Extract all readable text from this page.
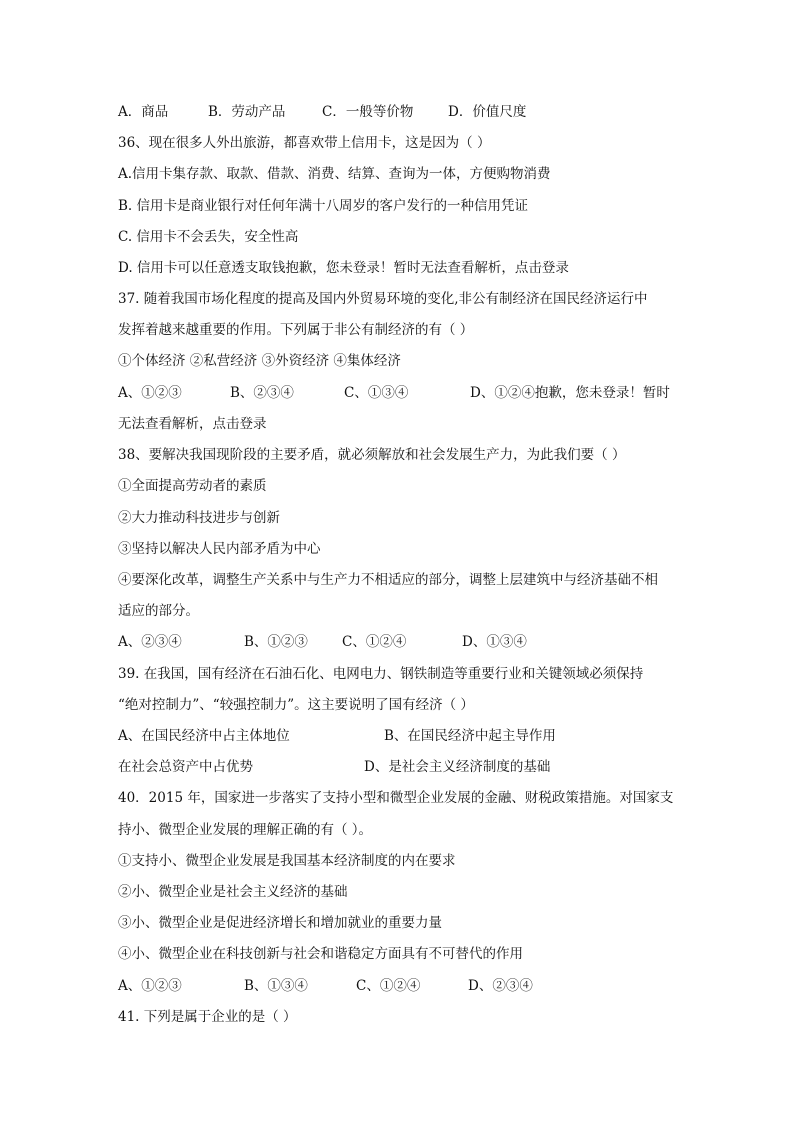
A．商品	B．劳动产品	C．一般等价物	D．价值尺度
36、现在很多人外出旅游，都喜欢带上信用卡，这是因为（ ）
A.信用卡集存款、取款、借款、消费、结算、查询为一体，方便购物消费
B. 信用卡是商业银行对任何年满十八周岁的客户发行的一种信用凭证
C. 信用卡不会丢失，安全性高
D. 信用卡可以任意透支取钱抱歉，您未登录！暂时无法查看解析，点击登录
37. 随着我国市场化程度的提高及国内外贸易环境的变化,非公有制经济在国民经济运行中
发挥着越来越重要的作用。下列属于非公有制经济的有（ ）
①个体经济 ②私营经济 ③外资经济 ④集体经济
A、①②③	B、②③④	C、①③④	D、①②④抱歉，您未登录！暂时
无法查看解析，点击登录
38、要解决我国现阶段的主要矛盾，就必须解放和社会发展生产力，为此我们要（ ）
①全面提高劳动者的素质
②大力推动科技进步与创新
③坚持以解决人民内部矛盾为中心
④要深化改革，调整生产关系中与生产力不相适应的部分，调整上层建筑中与经济基础不相
适应的部分。
A、②③④	B、①②③	C、①②④	D、①③④
39. 在我国，国有经济在石油石化、电网电力、钢铁制造等重要行业和关键领域必须保持
“绝对控制力”、“较强控制力”。这主要说明了国有经济（ ）
A、在国民经济中占主体地位	B、在国民经济中起主导作用
在社会总资产中占优势	D、是社会主义经济制度的基础
40．2015 年，国家进一步落实了支持小型和微型企业发展的金融、财税政策措施。对国家支
持小、微型企业发展的理解正确的有（ ）。
①支持小、微型企业发展是我国基本经济制度的内在要求
②小、微型企业是社会主义经济的基础
③小、微型企业是促进经济增长和增加就业的重要力量
④小、微型企业在科技创新与社会和谐稳定方面具有不可替代的作用
A、①②③	B、①③④	C、①②④	D、②③④
41. 下列是属于企业的是（ ）
